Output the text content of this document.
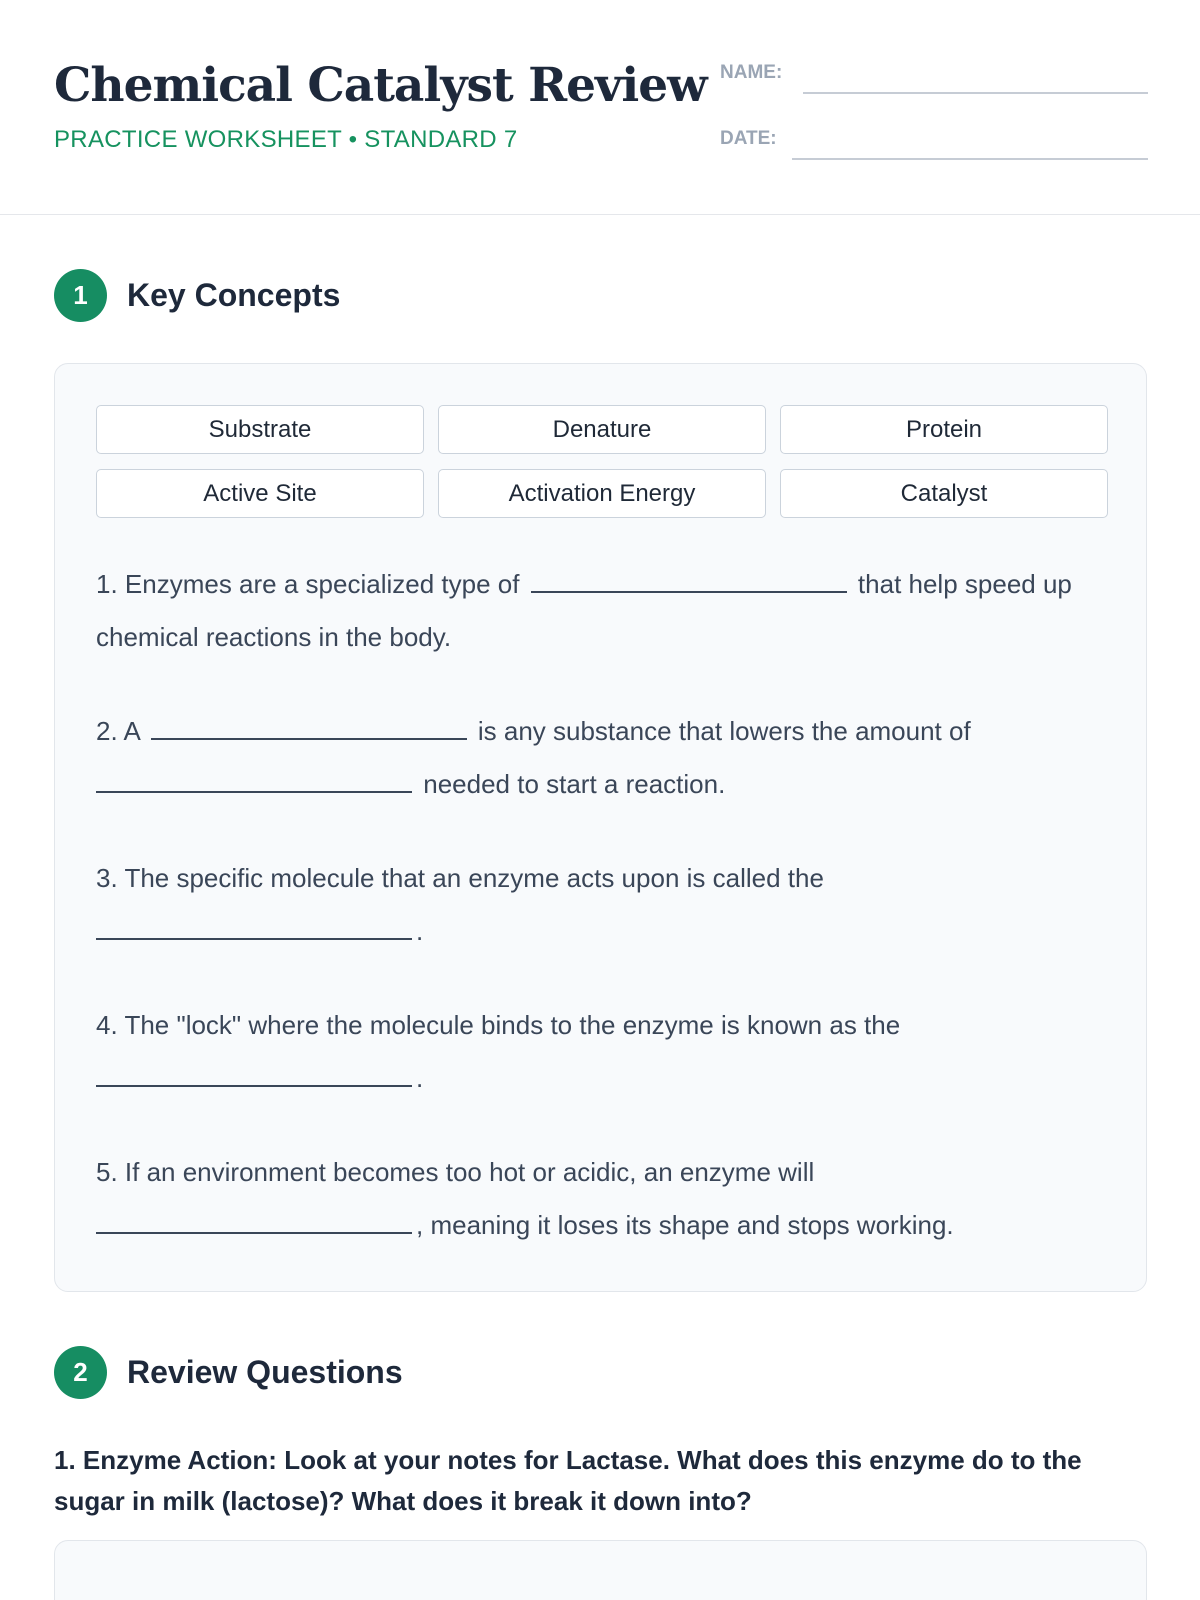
Chemical Catalyst Review
PRACTICE WORKSHEET • STANDARD 7
NAME:
DATE:
1	Key Concepts
Substrate	Denature	Protein
Active Site	Activation Energy	Catalyst
1. Enzymes are a specialized type of	that help speed up chemical reactions in the body.
2. A	is any substance that lowers the amount of  needed to start a reaction.
3. The specific molecule that an enzyme acts upon is called the .
4. The "lock" where the molecule binds to the enzyme is known as the .
5. If an environment becomes too hot or acidic, an enzyme will , meaning it loses its shape and stops working.
2	Review Questions
1. Enzyme Action: Look at your notes for Lactase. What does this enzyme do to the sugar in milk (lactose)? What does it break it down into?
